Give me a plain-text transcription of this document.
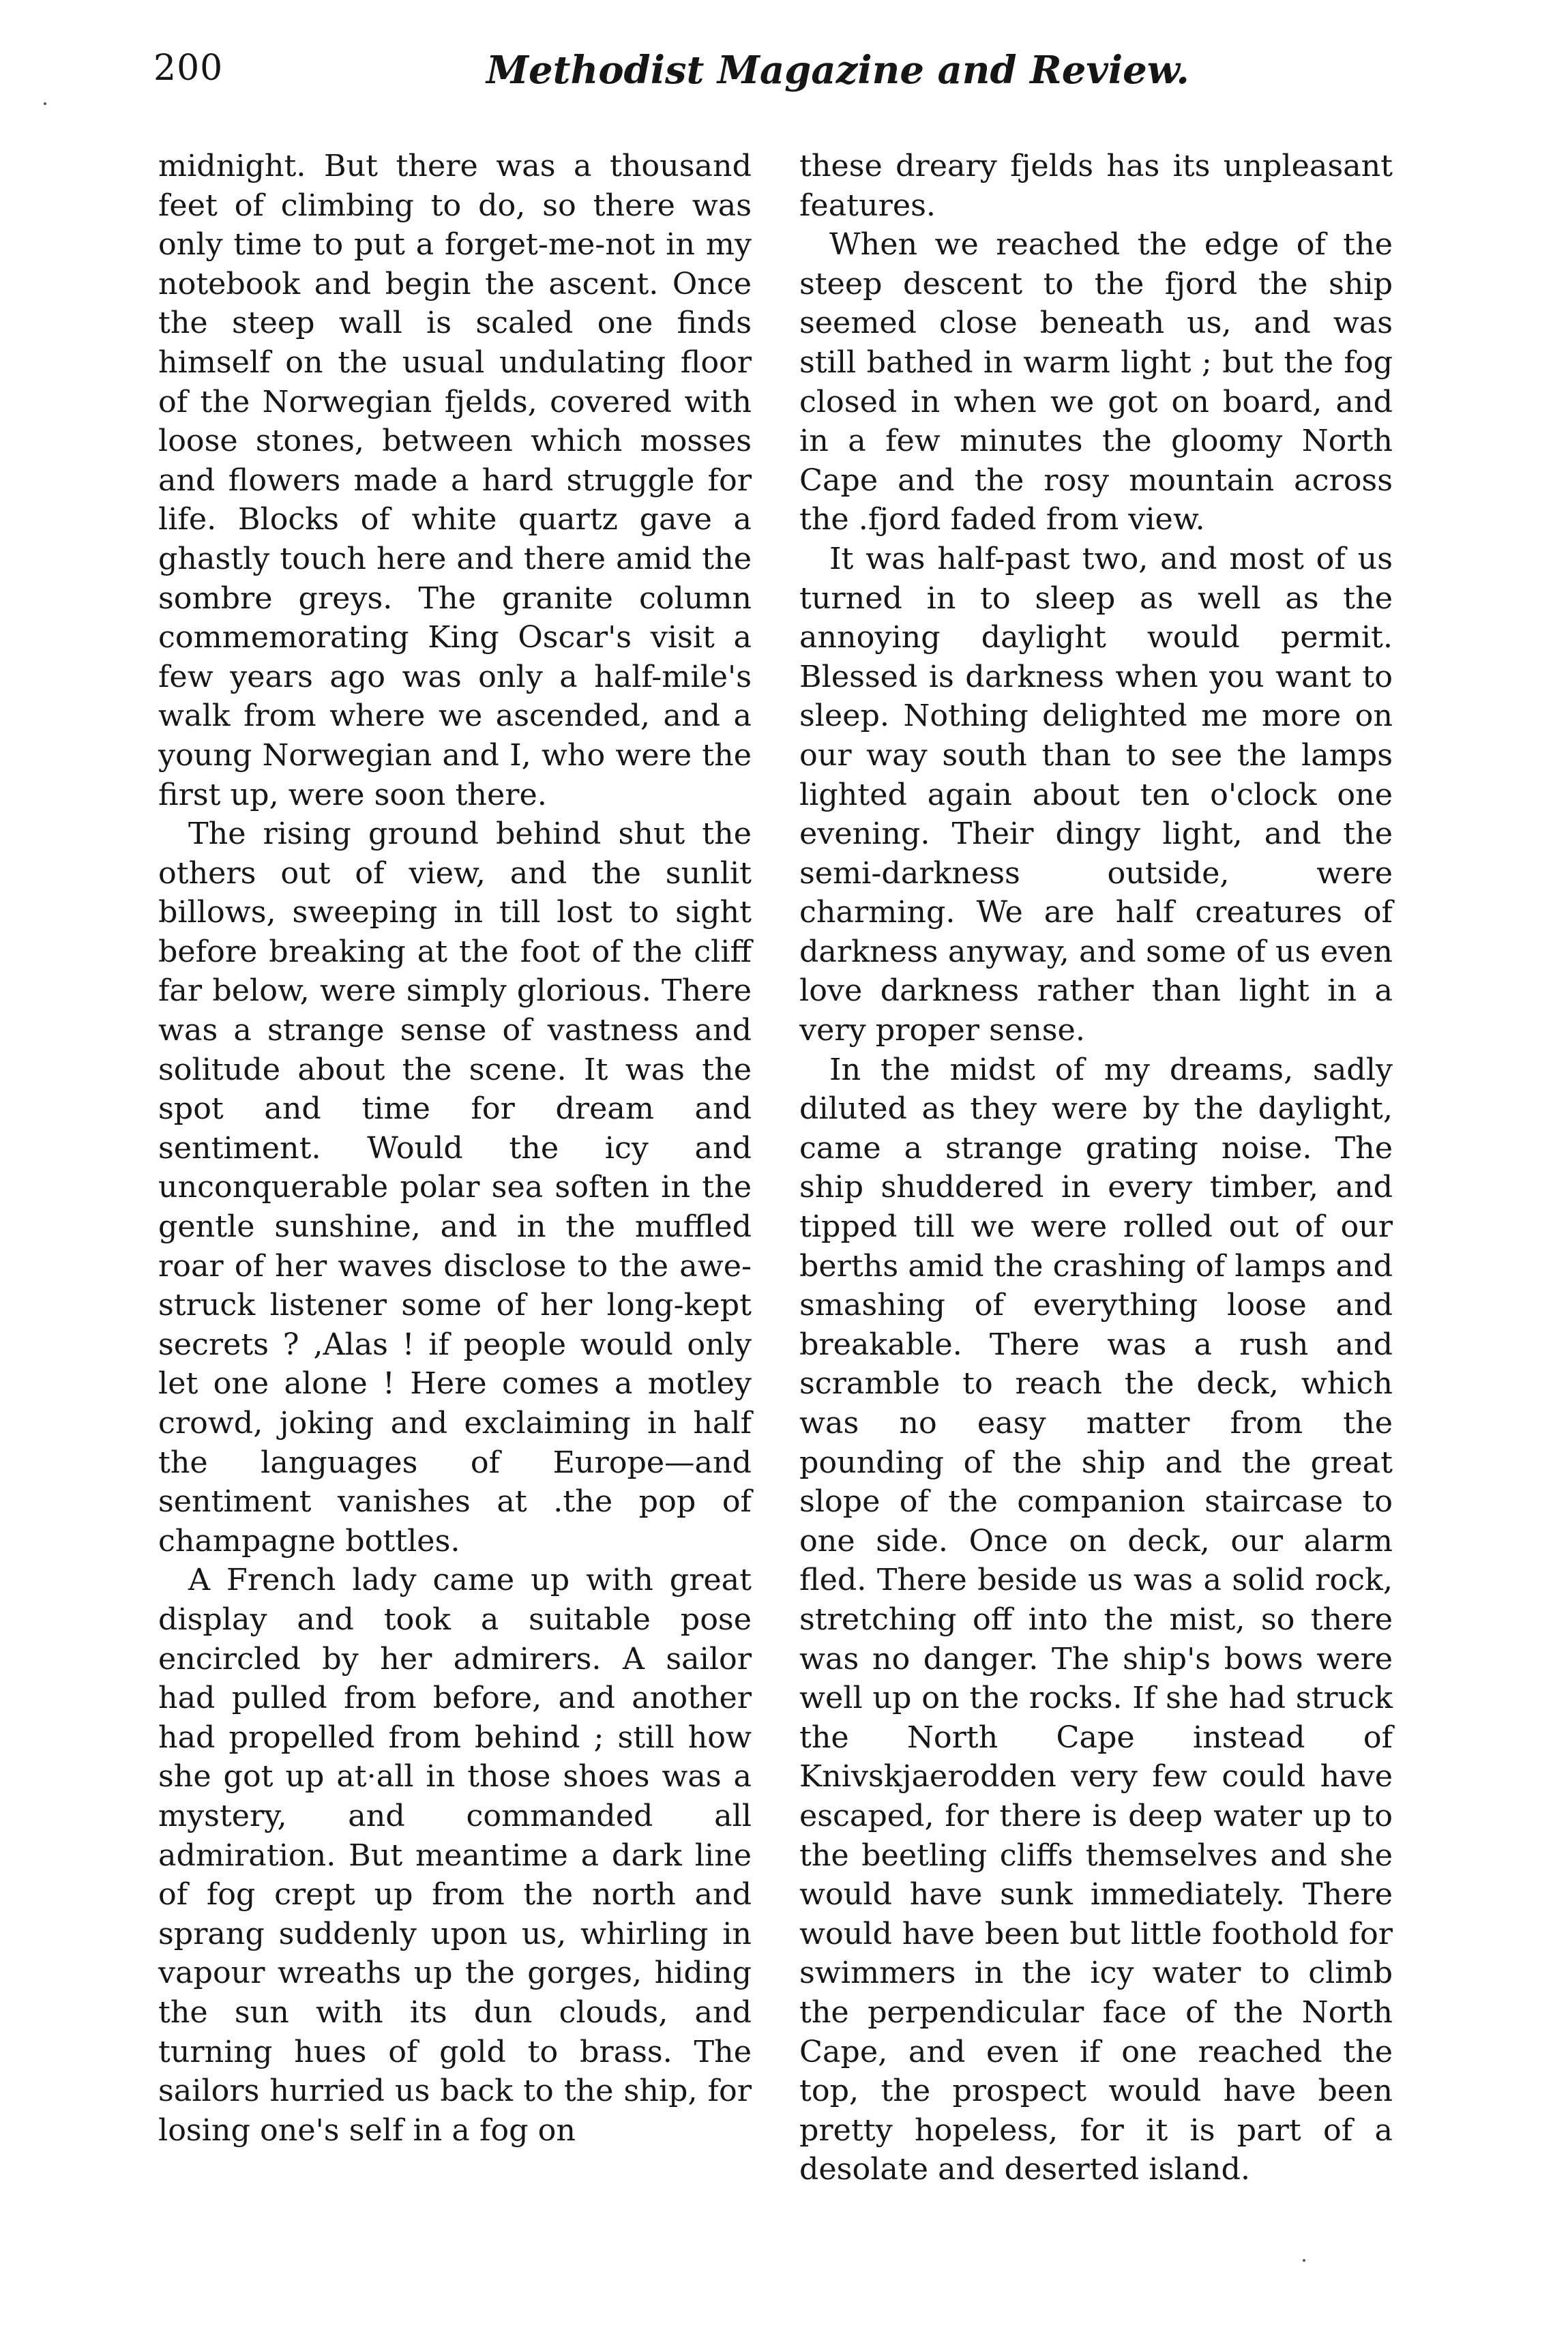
200	Methodist Magazine and Review.

midnight. But there was a thousand feet of climbing to do, so there was only time to put a forget-me-not in my notebook and begin the ascent. Once the steep wall is scaled one finds himself on the usual undulating floor of the Norwegian fjelds, covered with loose stones, between which mosses and flowers made a hard struggle for life. Blocks of white quartz gave a ghastly touch here and there amid the sombre greys. The granite column commemorating King Oscar's visit a few years ago was only a half-mile's walk from where we ascended, and a young Norwegian and I, who were the first up, were soon there.

The rising ground behind shut the others out of view, and the sunlit billows, sweeping in till lost to sight before breaking at the foot of the cliff far below, were simply glorious. There was a strange sense of vastness and solitude about the scene. It was the spot and time for dream and sentiment. Would the icy and unconquerable polar sea soften in the gentle sunshine, and in the muffled roar of her waves disclose to the awe-struck listener some of her long-kept secrets ? ,Alas ! if people would only let one alone ! Here comes a motley crowd, joking and exclaiming in half the languages of Europe—and sentiment vanishes at .the pop of champagne bottles.

A French lady came up with great display and took a suitable pose encircled by her admirers. A sailor had pulled from before, and another had propelled from behind ; still how she got up at·all in those shoes was a mystery, and commanded all admiration. But meantime a dark line of fog crept up from the north and sprang suddenly upon us, whirling in vapour wreaths up the gorges, hiding the sun with its dun clouds, and turning hues of gold to brass. The sailors hurried us back to the ship, for losing one's self in a fog on

these dreary fjelds has its unpleasant features.

When we reached the edge of the steep descent to the fjord the ship seemed close beneath us, and was still bathed in warm light ; but the fog closed in when we got on board, and in a few minutes the gloomy North Cape and the rosy mountain across the .fjord faded from view.

It was half-past two, and most of us turned in to sleep as well as the annoying daylight would permit. Blessed is darkness when you want to sleep. Nothing delighted me more on our way south than to see the lamps lighted again about ten o'clock one evening. Their dingy light, and the semi-darkness outside, were charming. We are half creatures of darkness anyway, and some of us even love darkness rather than light in a very proper sense.

In the midst of my dreams, sadly diluted as they were by the daylight, came a strange grating noise. The ship shuddered in every timber, and tipped till we were rolled out of our berths amid the crashing of lamps and smashing of everything loose and breakable. There was a rush and scramble to reach the deck, which was no easy matter from the pounding of the ship and the great slope of the companion staircase to one side. Once on deck, our alarm fled. There beside us was a solid rock, stretching off into the mist, so there was no danger. The ship's bows were well up on the rocks. If she had struck the North Cape instead of Knivskjaerodden very few could have escaped, for there is deep water up to the beetling cliffs themselves and she would have sunk immediately. There would have been but little foothold for swimmers in the icy water to climb the perpendicular face of the North Cape, and even if one reached the top, the prospect would have been pretty hopeless, for it is part of a desolate and deserted island.
